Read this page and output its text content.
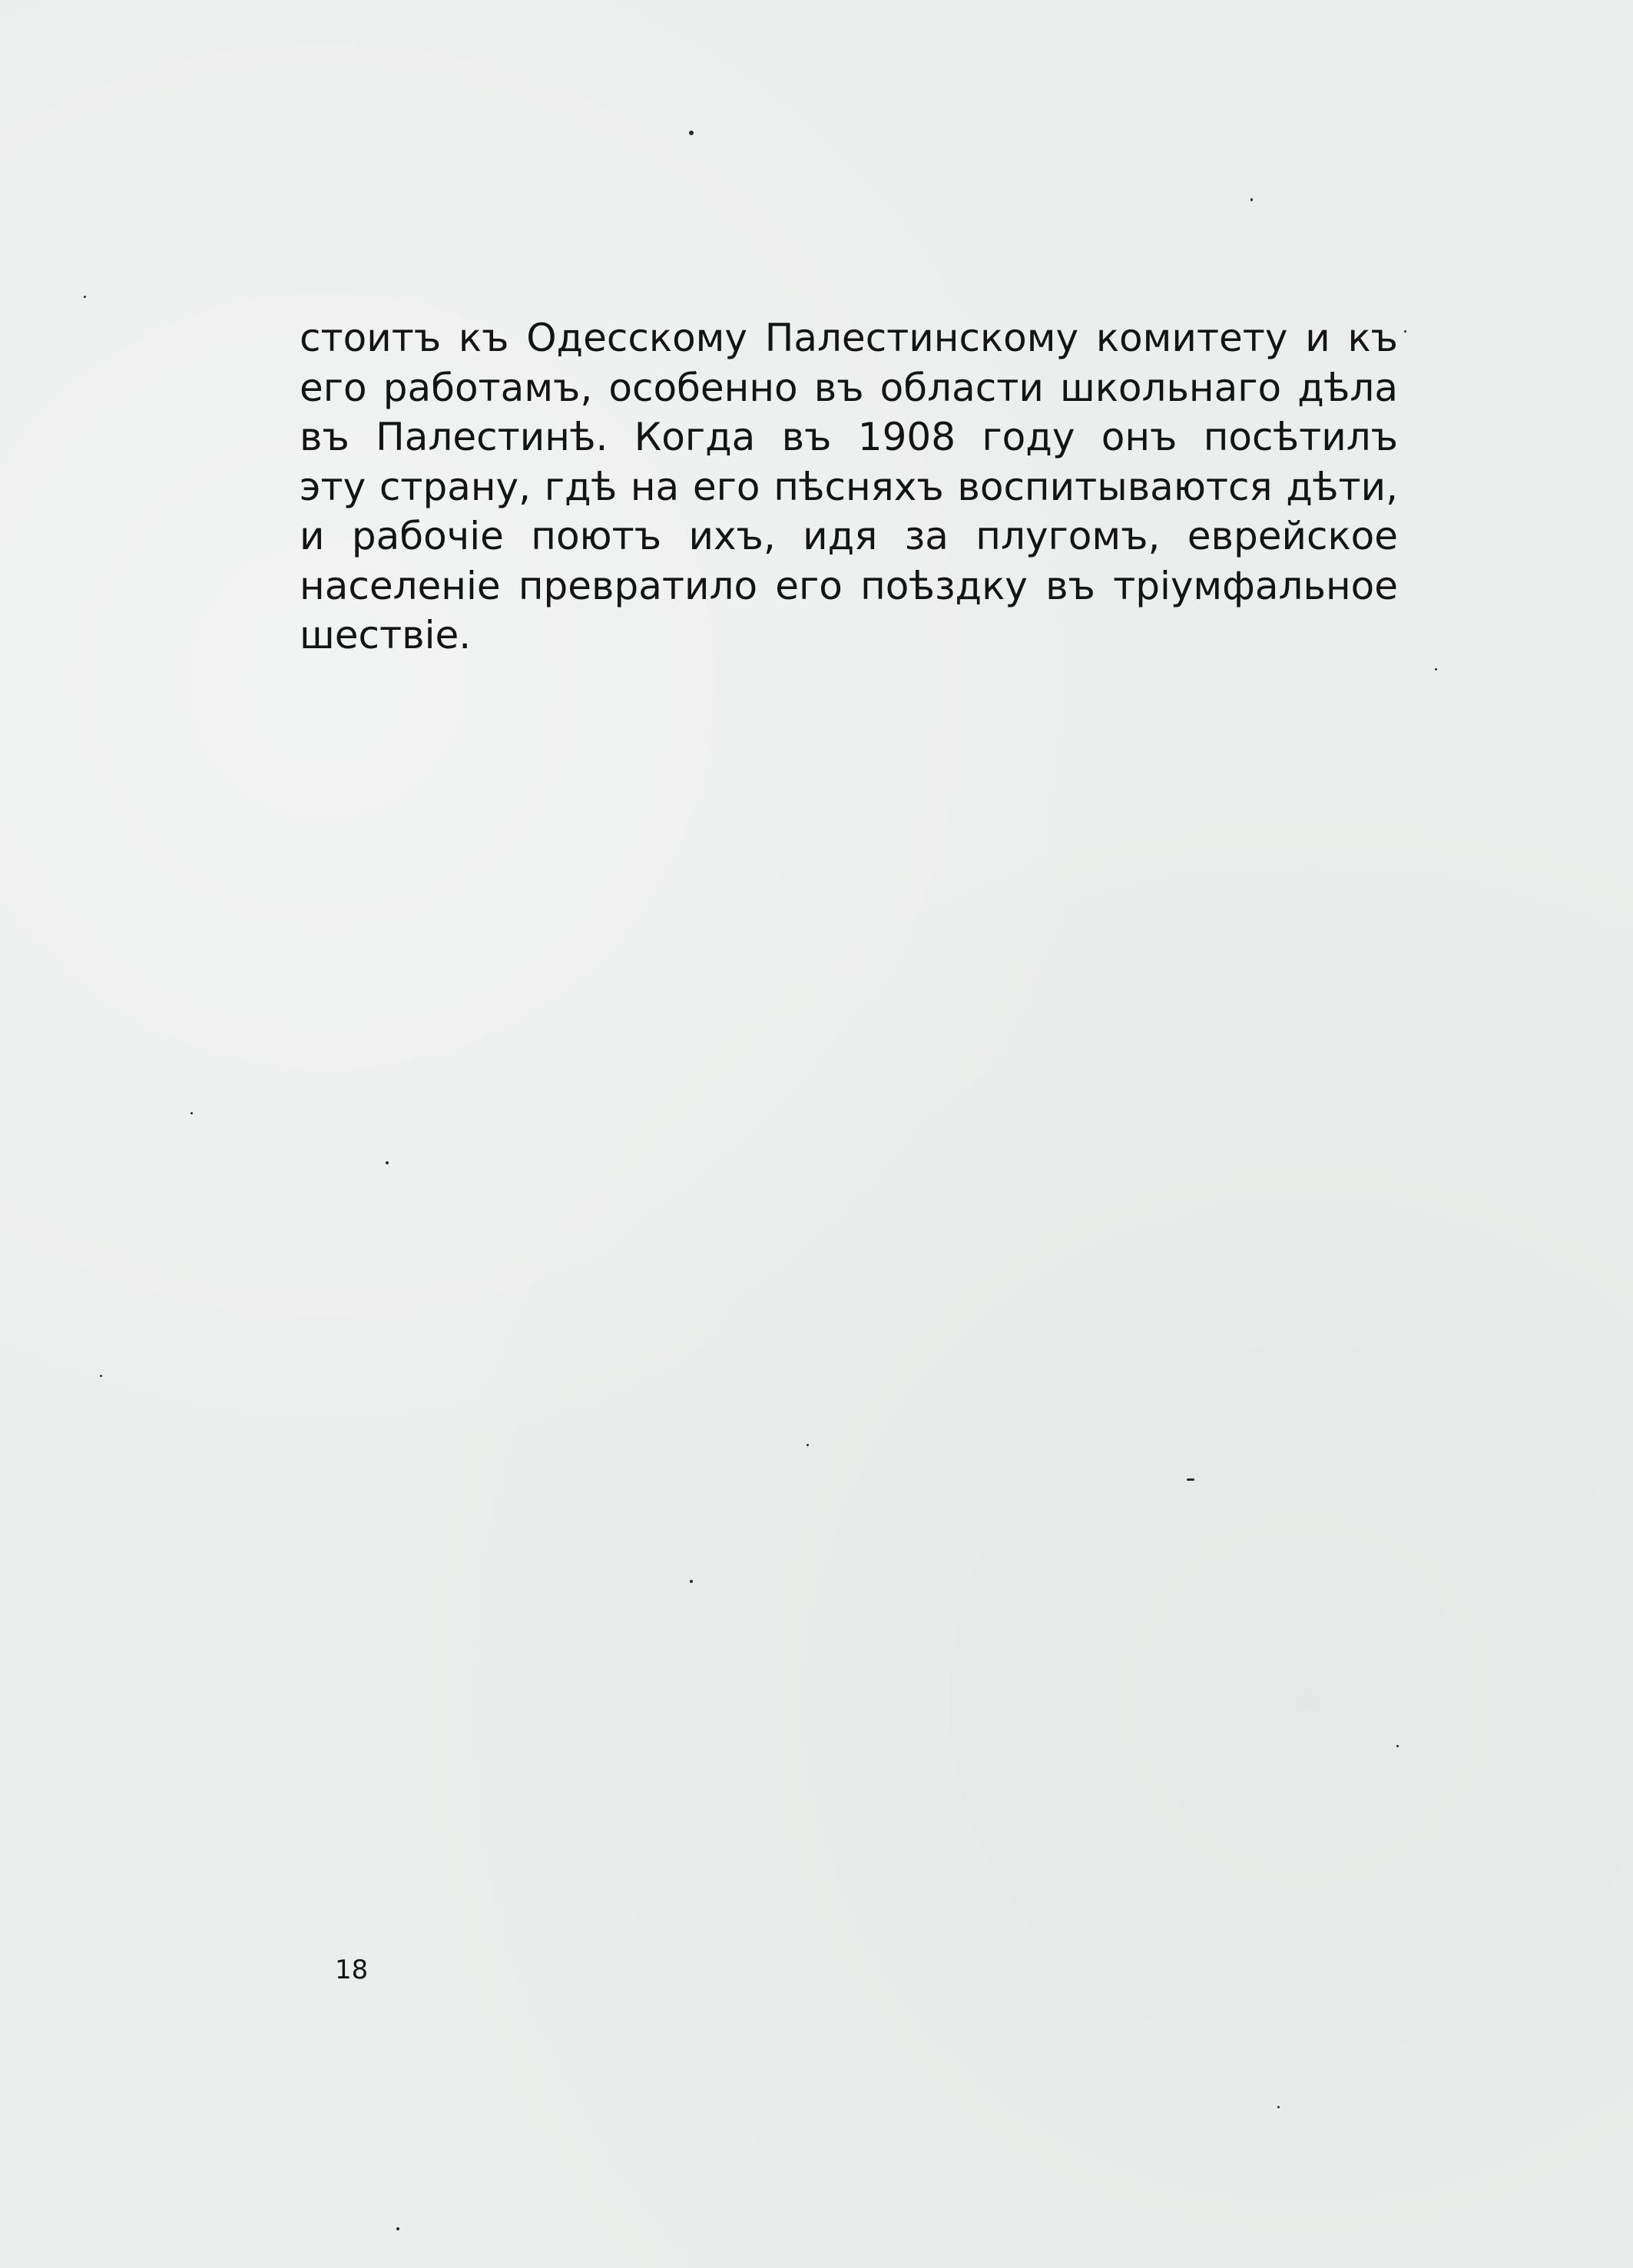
стоитъ къ Одесскому Палестинскому комитету и къ
его работамъ, особенно въ области школьнаго дѣла
въ Палестинѣ. Когда въ 1908 году онъ посѣтилъ
эту страну, гдѣ на его пѣсняхъ воспитываются дѣти,
и рабочіе поютъ ихъ, идя за плугомъ, еврейское
населеніе превратило его поѣздку въ тріумфальное
шествіе.
18
